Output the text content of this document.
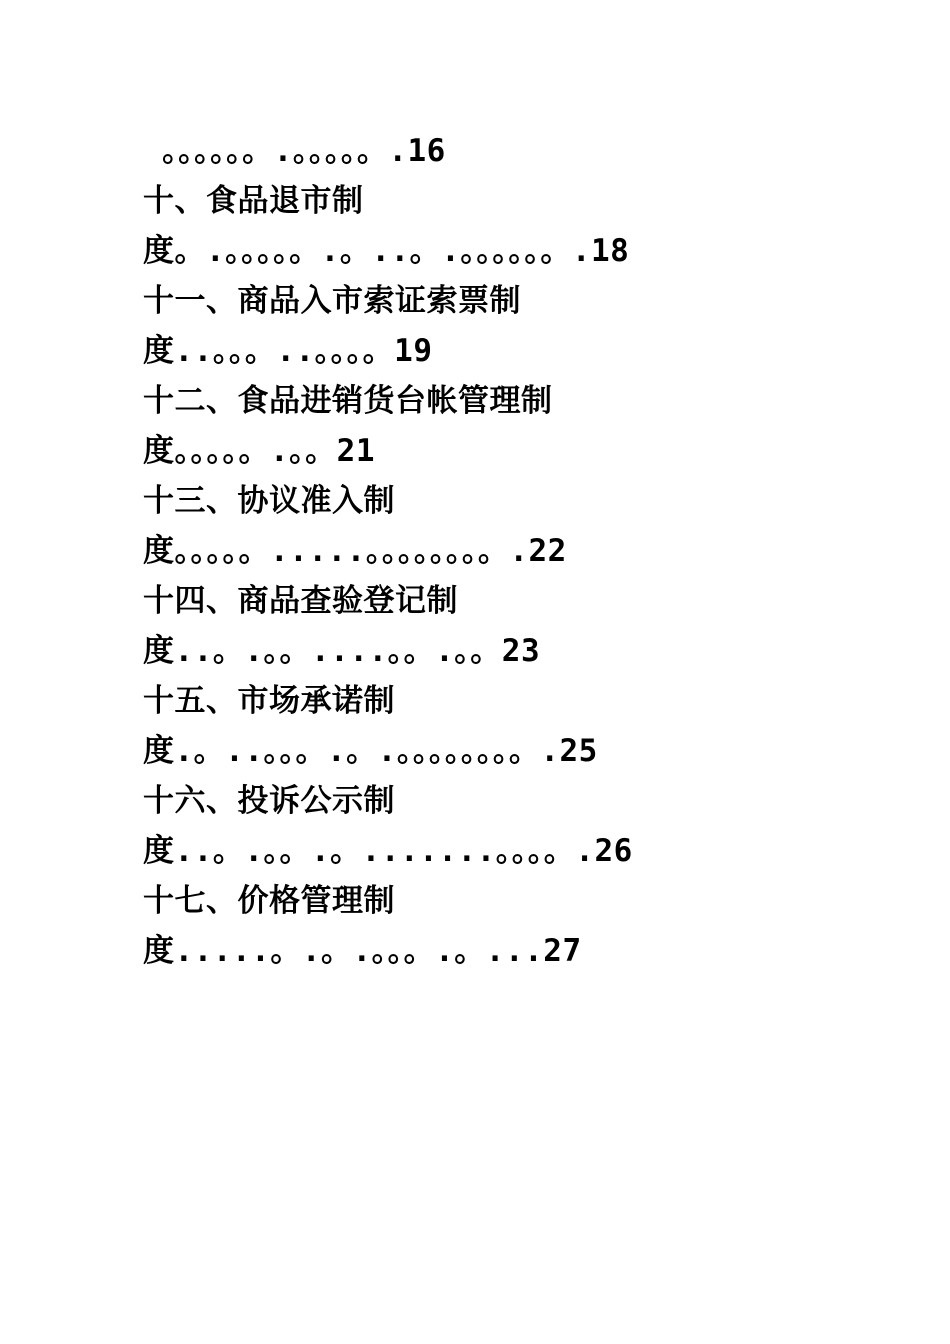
。。。。。。.。。。。。.16
十、食品退市制
度。.。。。。。.。..。.。。。。。。.18
十一、商品入市索证索票制
度..。。。..。。。。19
十二、食品进销货台帐管理制
度。。。。。.。。21
十三、协议准入制
度。。。。。.....。。。。。。。。.22
十四、商品查验登记制
度..。.。。....。。.。。23
十五、市场承诺制
度.。..。。。.。.。。。。。。。。.25
十六、投诉公示制
度..。.。。.。.......。。。。.26
十七、价格管理制
度.....。.。.。。。.。...27
